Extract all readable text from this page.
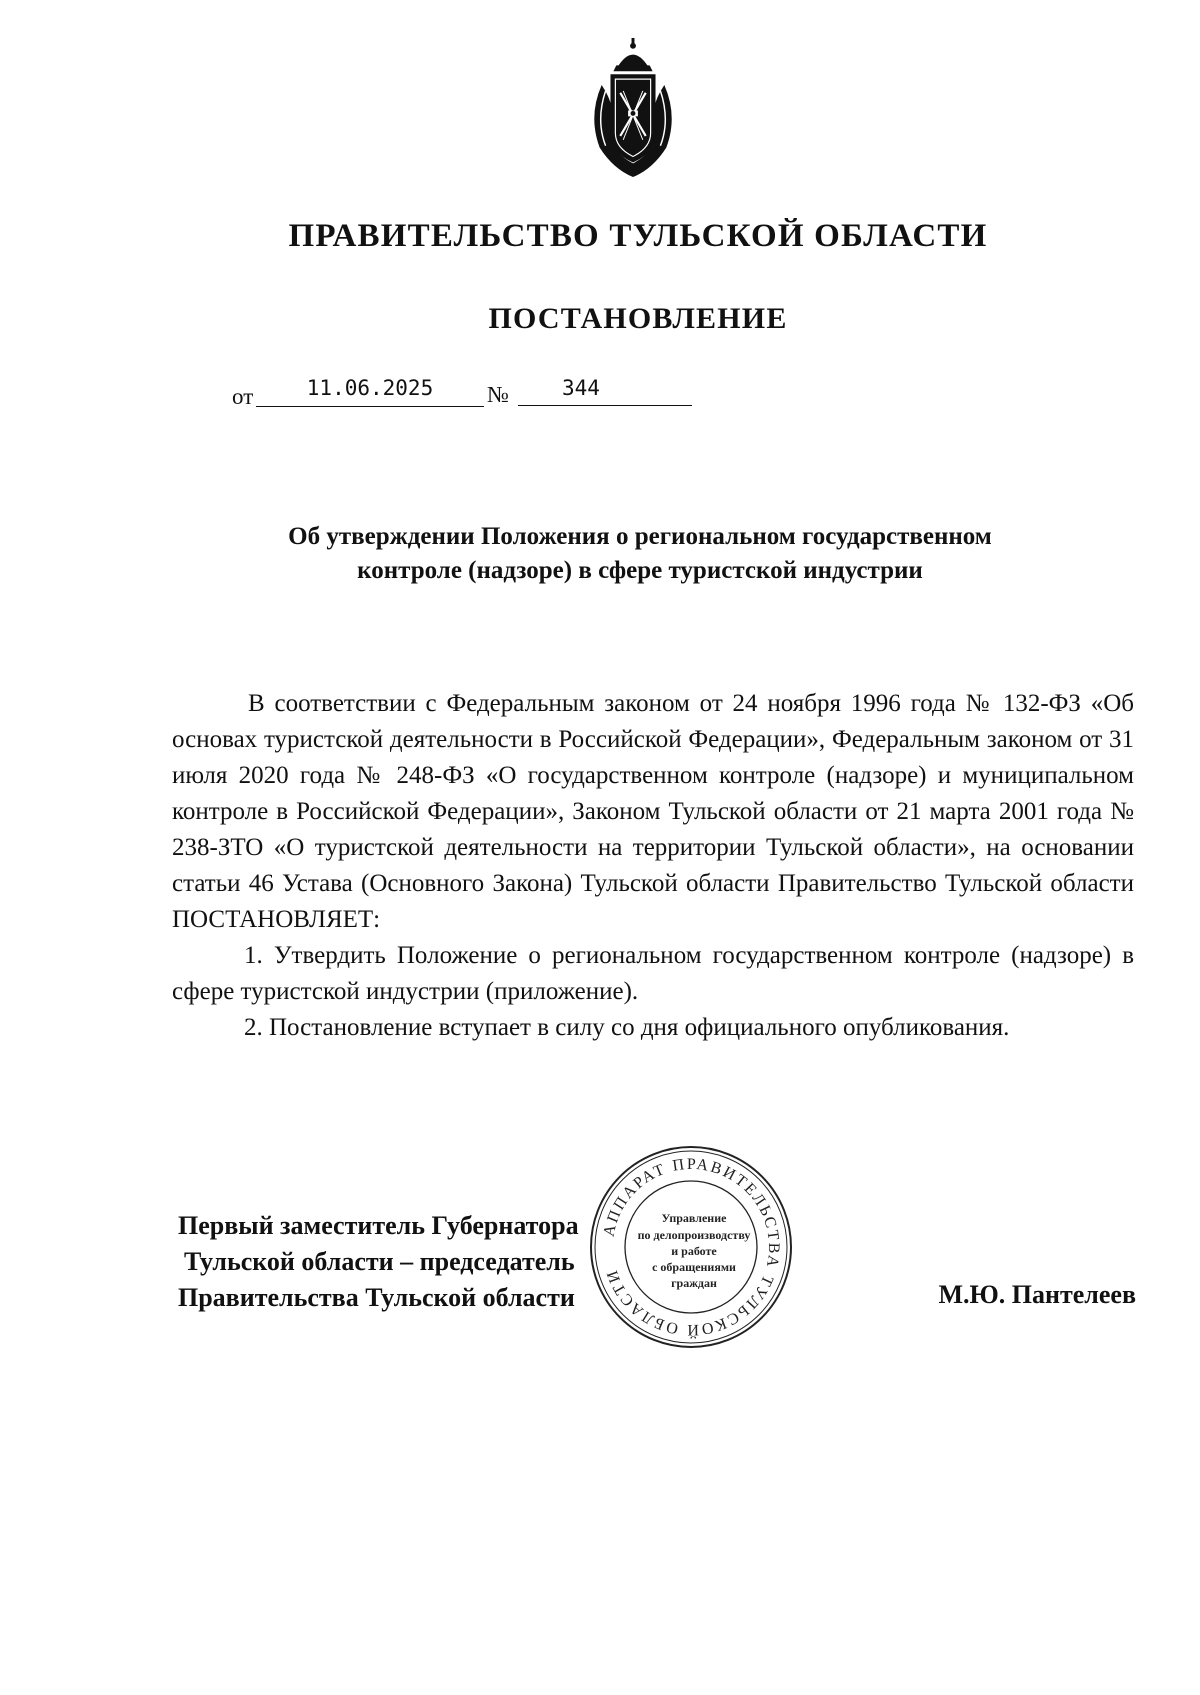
ПРАВИТЕЛЬСТВО ТУЛЬСКОЙ ОБЛАСТИ
ПОСТАНОВЛЕНИЕ
от	11.06.2025	№	344
Об утверждении Положения о региональном государственном
контроле (надзоре) в сфере туристской индустрии

В соответствии с Федеральным законом от 24 ноября 1996 года № 132-ФЗ «Об основах туристской деятельности в Российской Федерации», Федеральным законом от 31 июля 2020 года № 248-ФЗ «О государственном контроле (надзоре) и муниципальном контроле в Российской Федерации», Законом Тульской области от 21 марта 2001 года № 238-ЗТО «О туристской деятельности на территории Тульской области», на основании статьи 46 Устава (Основного Закона) Тульской области Правительство Тульской области ПОСТАНОВЛЯЕТ:

1. Утвердить Положение о региональном государственном контроле (надзоре) в сфере туристской индустрии (приложение).

2. Постановление вступает в силу со дня официального опубликования.

Первый заместитель Губернатора
Тульской области – председатель
Правительства Тульской области	М.Ю. Пантелеев
АППАРАТ ПРАВИТЕЛЬСТВА ТУЛЬСКОЙ ОБЛАСТИ
Управление
по делопроизводству
и работе
с обращениями
граждан
